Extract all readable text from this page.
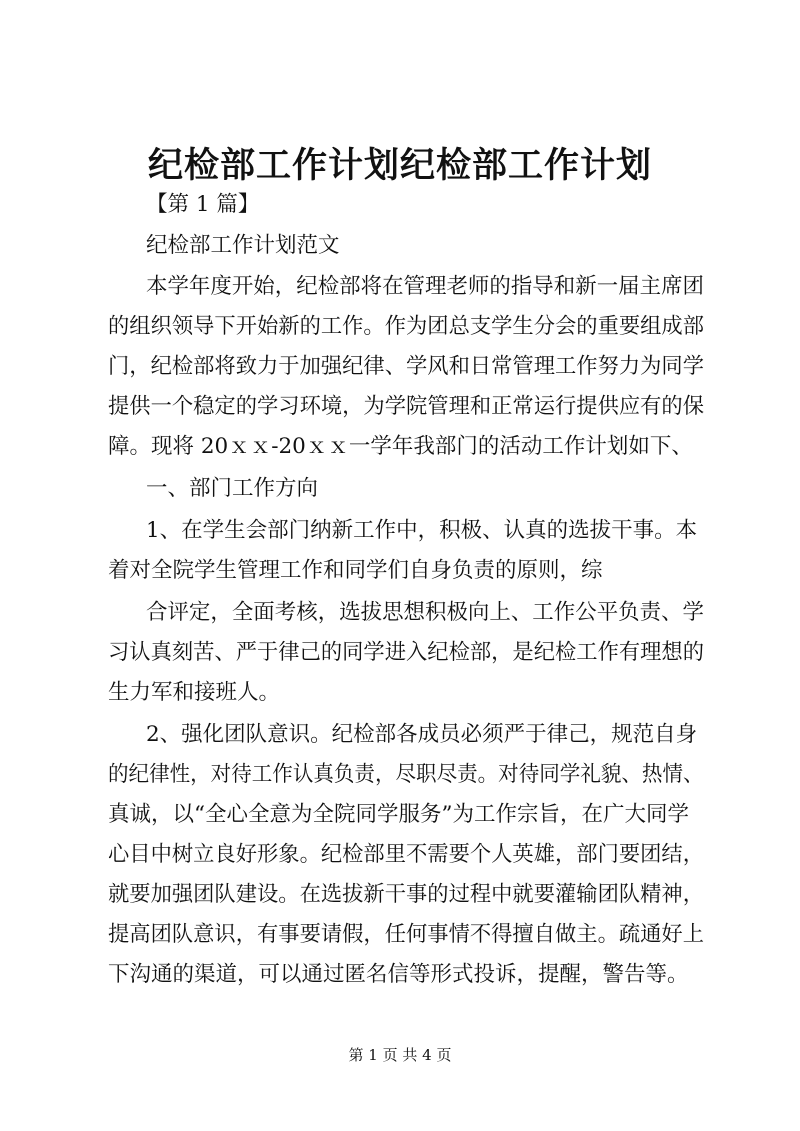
纪检部工作计划纪检部工作计划
【第 1 篇】
纪检部工作计划范文
本学年度开始，纪检部将在管理老师的指导和新一届主席团
的组织领导下开始新的工作。作为团总支学生分会的重要组成部
门，纪检部将致力于加强纪律、学风和日常管理工作努力为同学
提供一个稳定的学习环境，为学院管理和正常运行提供应有的保
障。现将 20ｘｘ-20ｘｘ一学年我部门的活动工作计划如下、
一、部门工作方向
1、在学生会部门纳新工作中，积极、认真的选拔干事。本
着对全院学生管理工作和同学们自身负责的原则，综
合评定，全面考核，选拔思想积极向上、工作公平负责、学
习认真刻苦、严于律己的同学进入纪检部，是纪检工作有理想的
生力军和接班人。
2、强化团队意识。纪检部各成员必须严于律己，规范自身
的纪律性，对待工作认真负责，尽职尽责。对待同学礼貌、热情、
真诚，以“全心全意为全院同学服务”为工作宗旨，在广大同学
心目中树立良好形象。纪检部里不需要个人英雄，部门要团结，
就要加强团队建设。在选拔新干事的过程中就要灌输团队精神，
提高团队意识，有事要请假，任何事情不得擅自做主。疏通好上
下沟通的渠道，可以通过匿名信等形式投诉，提醒，警告等。
第 1 页 共 4 页
